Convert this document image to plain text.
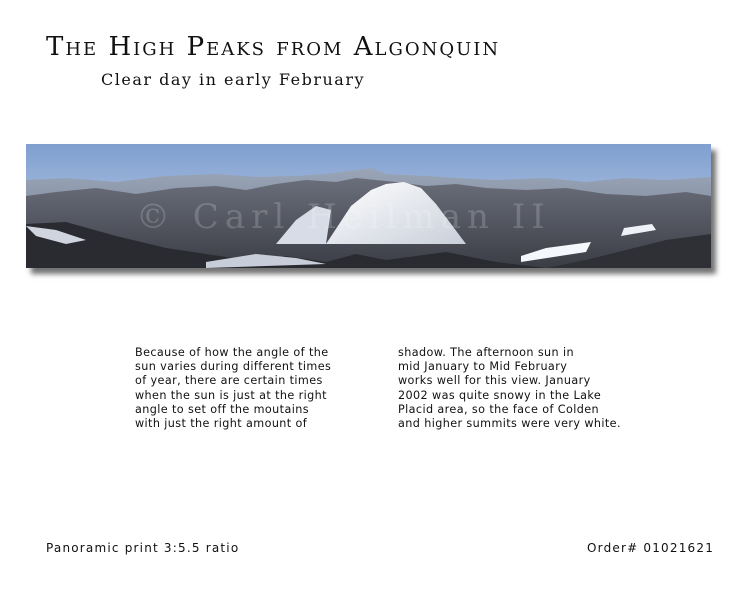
The High Peaks from Algonquin
Clear day in early February
© Carl Heilman II
Because of how the angle of the
sun varies during different times
of year, there are certain times
when the sun is just at the right
angle to set off the moutains
with just the right amount of
shadow. The afternoon sun in
mid January to Mid February
works well for this view. January
2002 was quite snowy in the Lake
Placid area, so the face of Colden
and higher summits were very white.
Panoramic print 3:5.5 ratio	Order# 01021621
